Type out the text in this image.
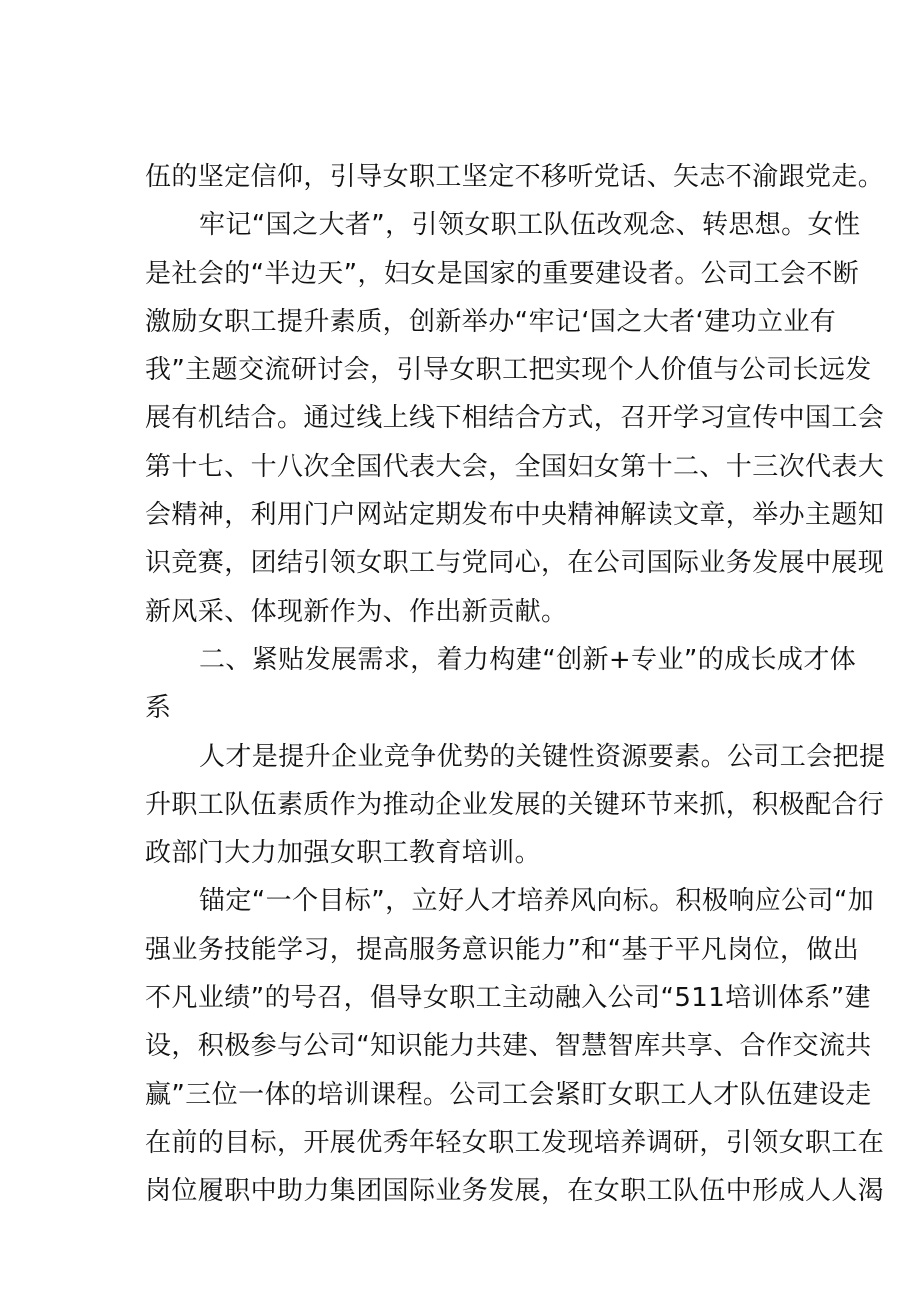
伍的坚定信仰，引导女职工坚定不移听党话、矢志不渝跟党走。
牢记“国之大者”，引领女职工队伍改观念、转思想。女性
是社会的“半边天”，妇女是国家的重要建设者。公司工会不断
激励女职工提升素质，创新举办“牢记‘国之大者‘建功立业有
我”主题交流研讨会，引导女职工把实现个人价值与公司长远发
展有机结合。通过线上线下相结合方式，召开学习宣传中国工会
第十七、十八次全国代表大会，全国妇女第十二、十三次代表大
会精神，利用门户网站定期发布中央精神解读文章，举办主题知
识竞赛，团结引领女职工与党同心，在公司国际业务发展中展现
新风采、体现新作为、作出新贡献。
二、紧贴发展需求，着力构建“创新+专业”的成长成才体
系
人才是提升企业竞争优势的关键性资源要素。公司工会把提
升职工队伍素质作为推动企业发展的关键环节来抓，积极配合行
政部门大力加强女职工教育培训。
锚定“一个目标”，立好人才培养风向标。积极响应公司“加
强业务技能学习，提高服务意识能力”和“基于平凡岗位，做出
不凡业绩”的号召，倡导女职工主动融入公司“511培训体系”建
设，积极参与公司“知识能力共建、智慧智库共享、合作交流共
赢”三位一体的培训课程。公司工会紧盯女职工人才队伍建设走
在前的目标，开展优秀年轻女职工发现培养调研，引领女职工在
岗位履职中助力集团国际业务发展，在女职工队伍中形成人人渴
